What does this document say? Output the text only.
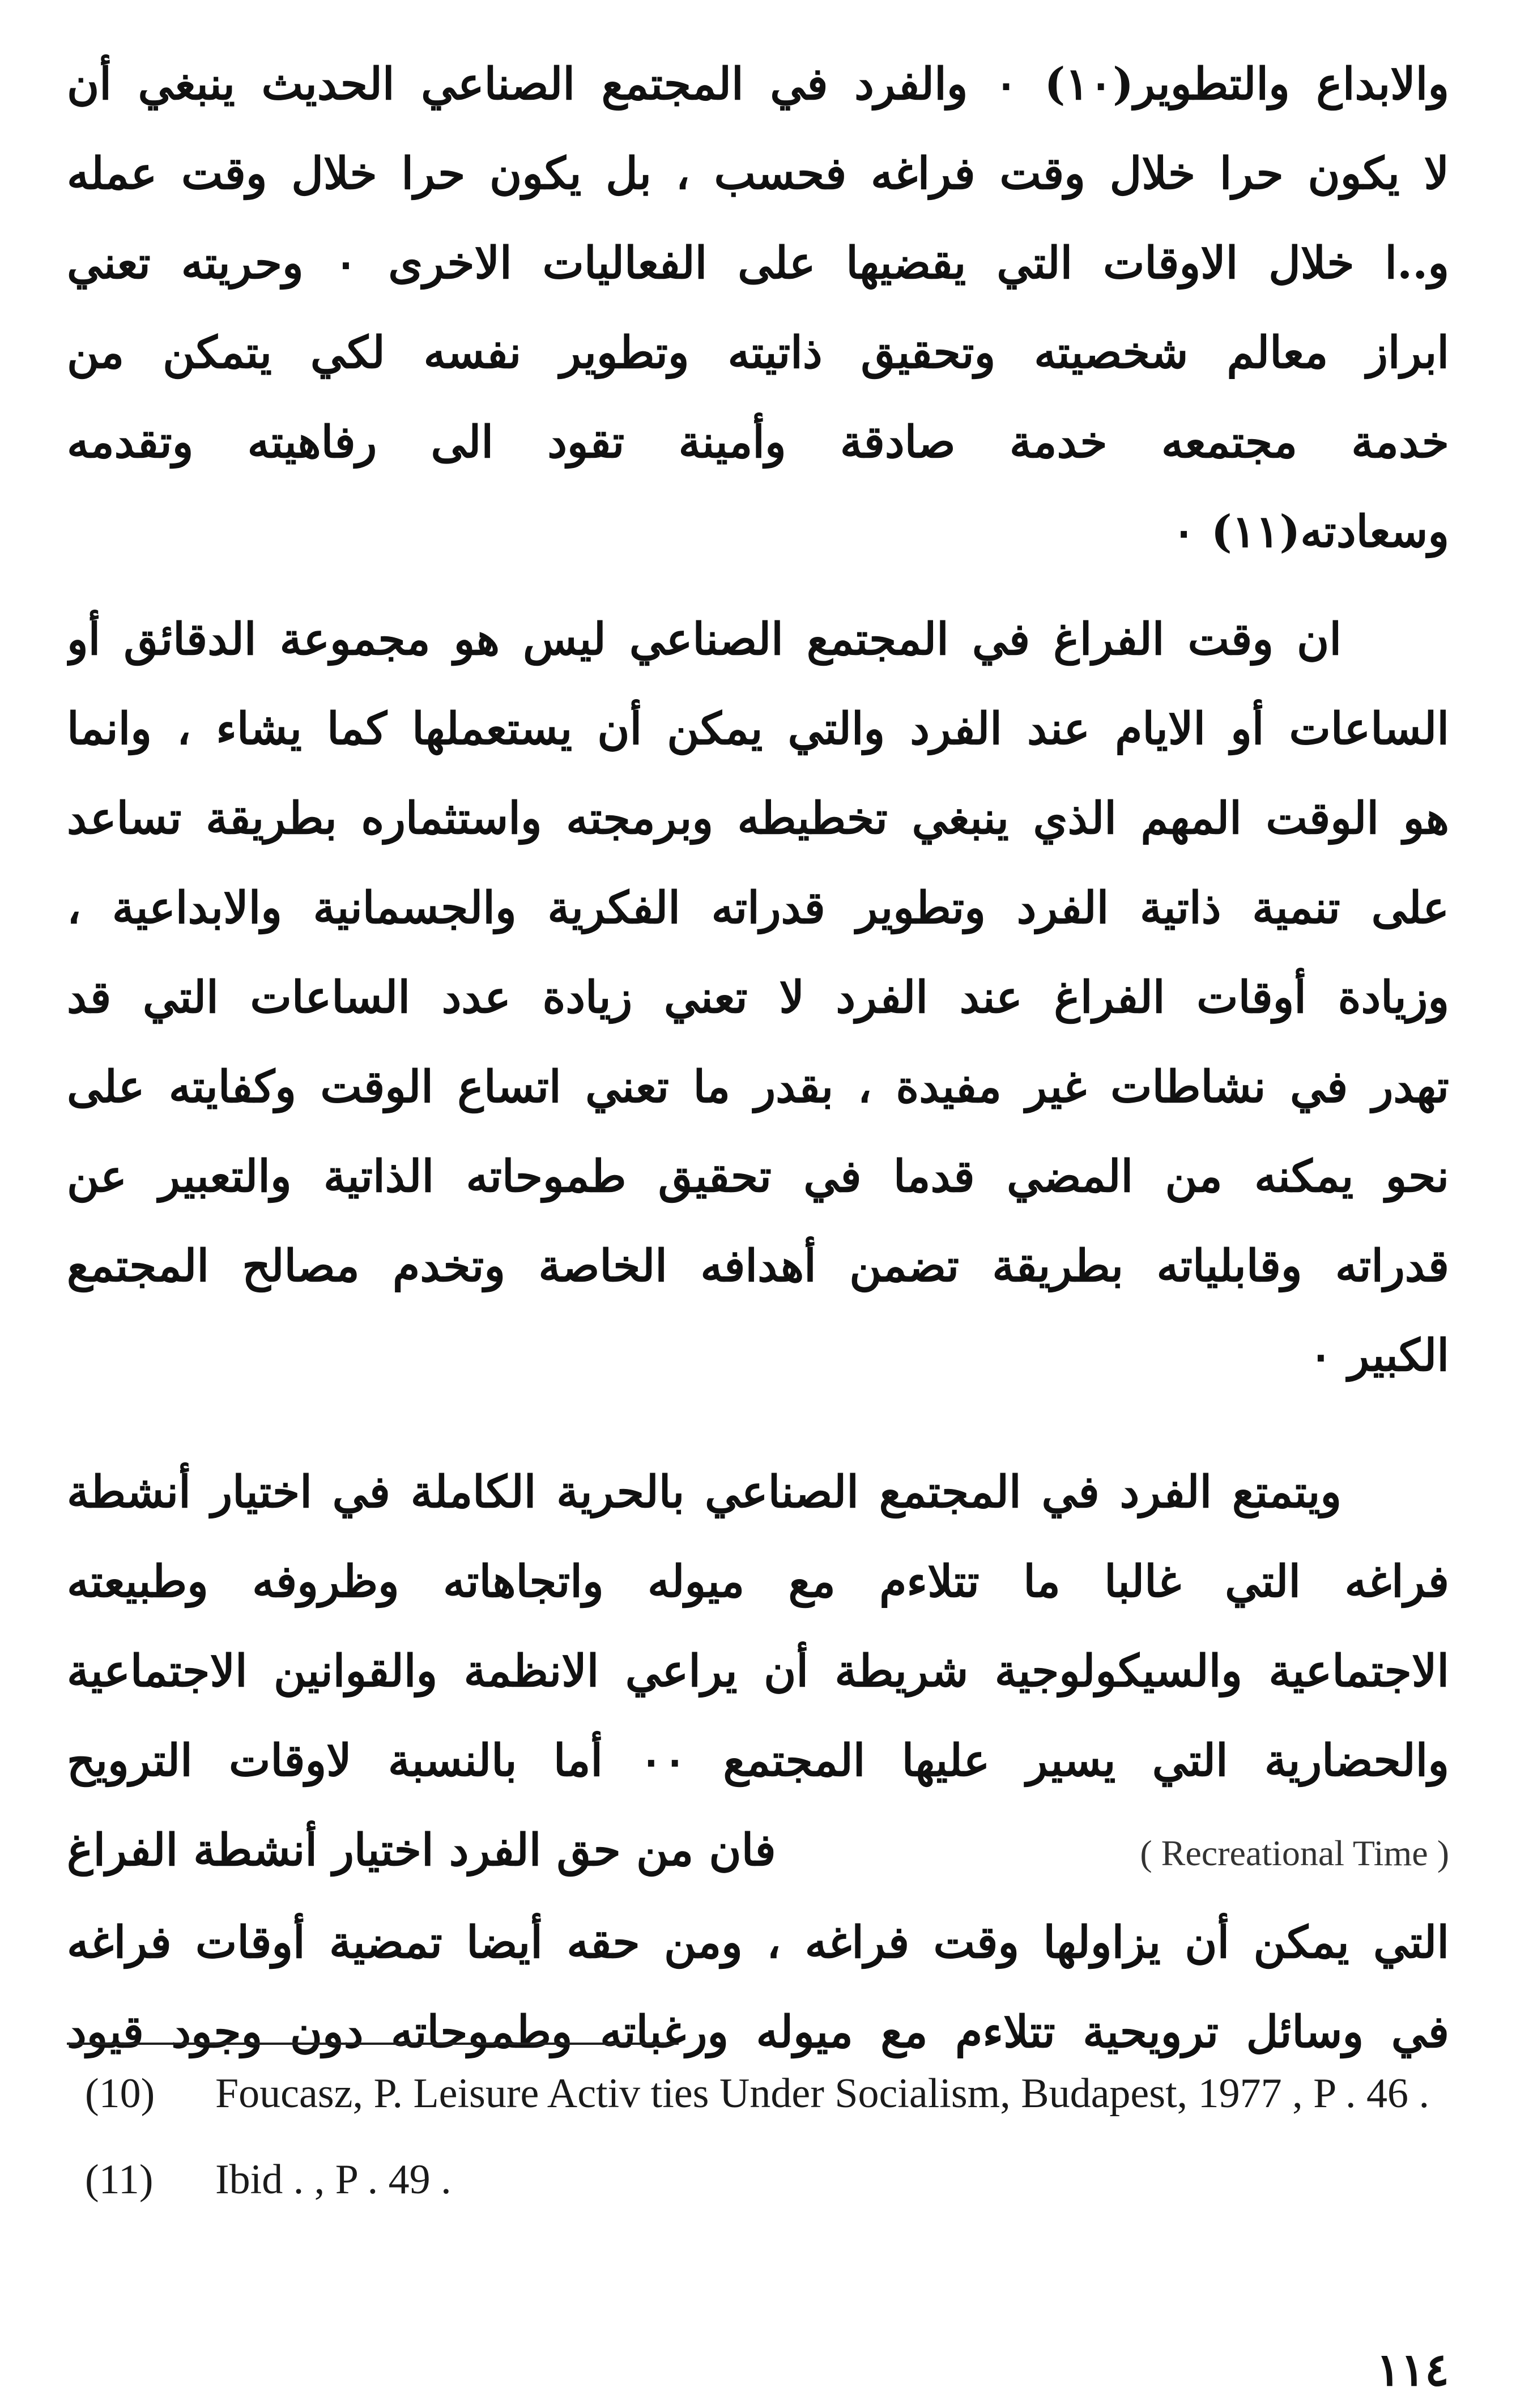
والابداع والتطوير(١٠) ٠ والفرد في المجتمع الصناعي الحديث ينبغي أن
لا يكون حرا خلال وقت فراغه فحسب ، بل يكون حرا خلال وقت عمله
و..ا خلال الاوقات التي يقضيها على الفعاليات الاخرى ٠ وحريته تعني
ابراز معالم شخصيته وتحقيق ذاتيته وتطوير نفسه لكي يتمكن من
خدمة مجتمعه خدمة صادقة وأمينة تقود الى رفاهيته وتقدمه
وسعادته(١١) ٠
ان وقت الفراغ في المجتمع الصناعي ليس هو مجموعة الدقائق أو
الساعات أو الايام عند الفرد والتي يمكن أن يستعملها كما يشاء ، وانما
هو الوقت المهم الذي ينبغي تخطيطه وبرمجته واستثماره بطريقة تساعد
على تنمية ذاتية الفرد وتطوير قدراته الفكرية والجسمانية والابداعية ،
وزيادة أوقات الفراغ عند الفرد لا تعني زيادة عدد الساعات التي قد
تهدر في نشاطات غير مفيدة ، بقدر ما تعني اتساع الوقت وكفايته على
نحو يمكنه من المضي قدما في تحقيق طموحاته الذاتية والتعبير عن
قدراته وقابلياته بطريقة تضمن أهدافه الخاصة وتخدم مصالح المجتمع
الكبير ٠
ويتمتع الفرد في المجتمع الصناعي بالحرية الكاملة في اختيار أنشطة
فراغه التي غالبا ما تتلاءم مع ميوله واتجاهاته وظروفه وطبيعته
الاجتماعية والسيكولوجية شريطة أن يراعي الانظمة والقوانين الاجتماعية
والحضارية التي يسير عليها المجتمع ٠٠ أما بالنسبة لاوقات الترويح
فان من حق الفرد اختيار أنشطة الفراغ	( Recreational Time )
التي يمكن أن يزاولها وقت فراغه ، ومن حقه أيضا تمضية أوقات فراغه
في وسائل ترويحية تتلاءم مع ميوله ورغباته وطموحاته دون وجود قيود
(10)	Foucasz, P. Leisure Activ ties Under Socialism, Budapest, 1977 , P . 46 .
(11)	Ibid . , P . 49 .
١١٤
